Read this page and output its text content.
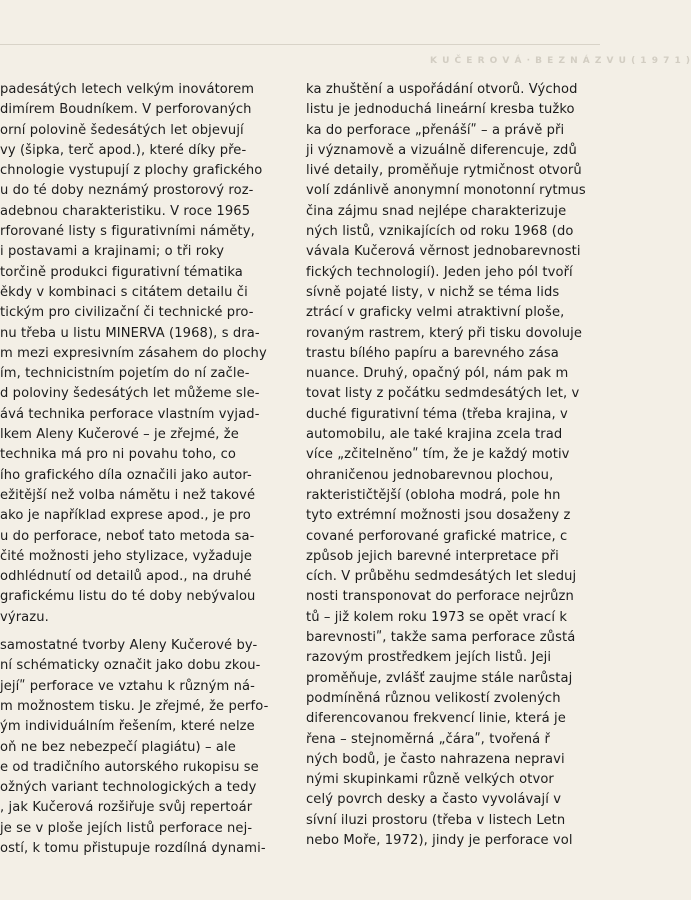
K U Č E R O V Á · B E Z N Á Z V U ( 1 9 7 1 )
padesátých letech velkým inovátorem
dimírem Boudníkem. V perforovaných
orní polovině šedesátých let objevují
vy (šipka, terč apod.), které díky pře-
chnologie vystupují z plochy grafického
u do té doby neznámý prostorový roz-
adebnou charakteristiku. V roce 1965
rforované listy s figurativními náměty,
i postavami a krajinami; o tři roky
torčině produkci figurativní tématika
ěkdy v kombinaci s citátem detailu či
tickým pro civilizační či technické pro-
nu třeba u listu MINERVA (1968), s dra-
m mezi expresivním zásahem do plochy
ím, technicistním pojetím do ní začle-
d poloviny šedesátých let můžeme sle-
ává technika perforace vlastním vyjad-
lkem Aleny Kučerové – je zřejmé, že
technika má pro ni povahu toho, co
ího grafického díla označili jako autor-
ežitější než volba námětu i než takové
ako je například exprese apod., je pro
u do perforace, neboť tato metoda sa-
čité možnosti jeho stylizace, vyžaduje
odhlédnutí od detailů apod., na druhé
grafickému listu do té doby nebývalou
výrazu.
samostatné tvorby Aleny Kučerové by-
ní schématicky označit jako dobu zkou-
jejíʺ perforace ve vztahu k různým ná-
m možnostem tisku. Je zřejmé, že perfo-
ým individuálním řešením, které nelze
oň ne bez nebezpečí plagiátu) – ale
e od tradičního autorského rukopisu se
ožných variant technologických a tedy
, jak Kučerová rozšiřuje svůj repertoár
je se v ploše jejích listů perforace nej-
ostí, k tomu přistupuje rozdílná dynami-
ka zhuštění a uspořádání otvorů. Východ
listu je jednoduchá lineární kresba tužko
ka do perforace „přenášíʺ – a právě při
ji významově a vizuálně diferencuje, zdů
livé detaily, proměňuje rytmičnost otvorů
volí zdánlivě anonymní monotonní rytmus
čina zájmu snad nejlépe charakterizuje
ných listů, vznikajících od roku 1968 (do
vávala Kučerová věrnost jednobarevnosti
fických technologií). Jeden jeho pól tvoří
sívně pojaté listy, v nichž se téma lids
ztrácí v graficky velmi atraktivní ploše,
rovaným rastrem, který při tisku dovoluje
trastu bílého papíru a barevného zása
nuance. Druhý, opačný pól, nám pak m
tovat listy z počátku sedmdesátých let, v
duché figurativní téma (třeba krajina, v
automobilu, ale také krajina zcela trad
více „zčitelněnoʺ tím, že je každý motiv
ohraničenou jednobarevnou plochou,
rakterističtější (obloha modrá, pole hn
tyto extrémní možnosti jsou dosaženy z
cované perforované grafické matrice, c
způsob jejich barevné interpretace při
cích. V průběhu sedmdesátých let sleduj
nosti transponovat do perforace nejrůzn
tů – již kolem roku 1973 se opět vrací k
barevnostiʺ, takže sama perforace zůstá
razovým prostředkem jejích listů. Jeji
proměňuje, zvlášť zaujme stále narůstaj
podmíněná různou velikostí zvolených
diferencovanou frekvencí linie, která je
řena – stejnoměrná „čáraʺ, tvořená ř
ných bodů, je často nahrazena nepravi
nými skupinkami různě velkých otvor
celý povrch desky a často vyvolávají v
sívní iluzi prostoru (třeba v listech Letn
nebo Moře, 1972), jindy je perforace vol
